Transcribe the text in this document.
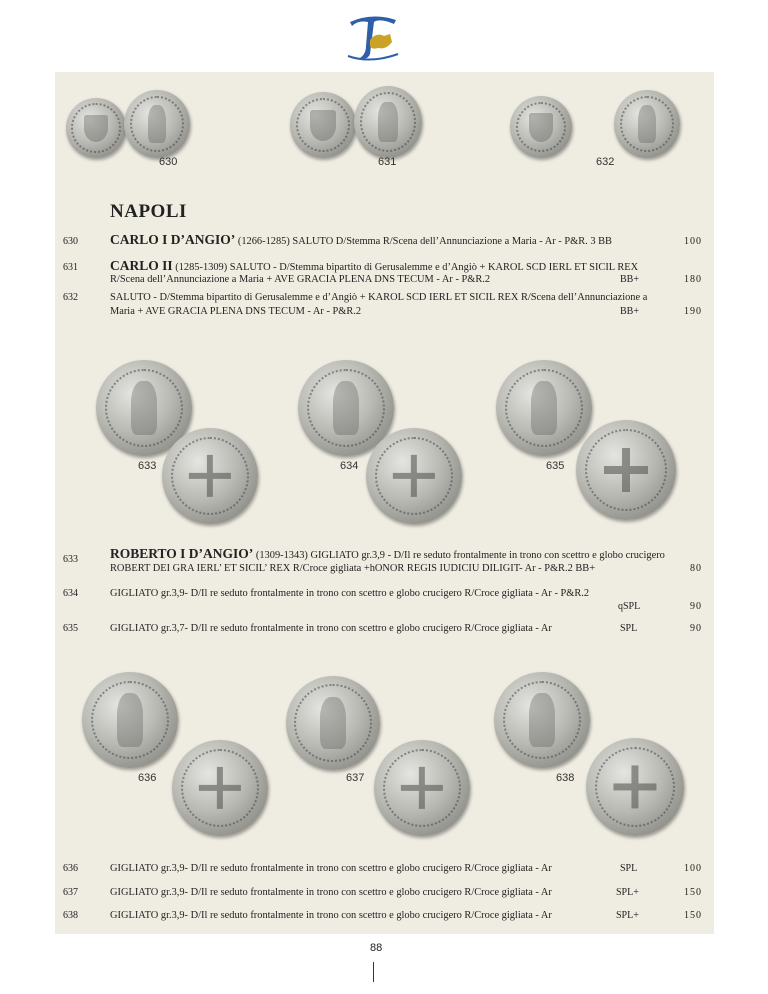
630	631	632
NAPOLI
630 CARLO I D’ANGIO’ (1266-1285) SALUTO D/Stemma R/Scena dell’Annunciazione a Maria - Ar - P&R. 3 BB	100
631 CARLO II (1285-1309) SALUTO - D/Stemma bipartito di Gerusalemme e d’Angiò + KAROL SCD IERL ET SICIL REX
R/Scena dell’Annunciazione a Maria + AVE GRACIA PLENA DNS TECUM - Ar - P&R.2	BB+	180
632	SALUTO - D/Stemma bipartito di Gerusalemme e d’Angiò + KAROL SCD IERL ET SICIL REX R/Scena dell’Annunciazione a
Maria + AVE GRACIA PLENA DNS TECUM - Ar - P&R.2	BB+	190
633	634	635
633 ROBERTO I D’ANGIO’ (1309-1343) GIGLIATO gr.3,9 - D/Il re seduto frontalmente in trono con scettro e globo crucigero
ROBERT DEI GRA IERL’ ET SICIL’ REX R/Croce gigliata +hONOR REGIS IUDICIU DILIGIT- Ar - P&R.2 BB+	80
634	GIGLIATO gr.3,9- D/Il re seduto frontalmente in trono con scettro e globo crucigero R/Croce gigliata - Ar - P&R.2
qSPL	90
635	GIGLIATO gr.3,7- D/Il re seduto frontalmente in trono con scettro e globo crucigero R/Croce gigliata - Ar	SPL	90
636	637	638
636	GIGLIATO gr.3,9- D/Il re seduto frontalmente in trono con scettro e globo crucigero R/Croce gigliata - Ar	SPL	100
637	GIGLIATO gr.3,9- D/Il re seduto frontalmente in trono con scettro e globo crucigero R/Croce gigliata - Ar	SPL+	150
638	GIGLIATO gr.3,9- D/Il re seduto frontalmente in trono con scettro e globo crucigero R/Croce gigliata - Ar	SPL+	150
88
